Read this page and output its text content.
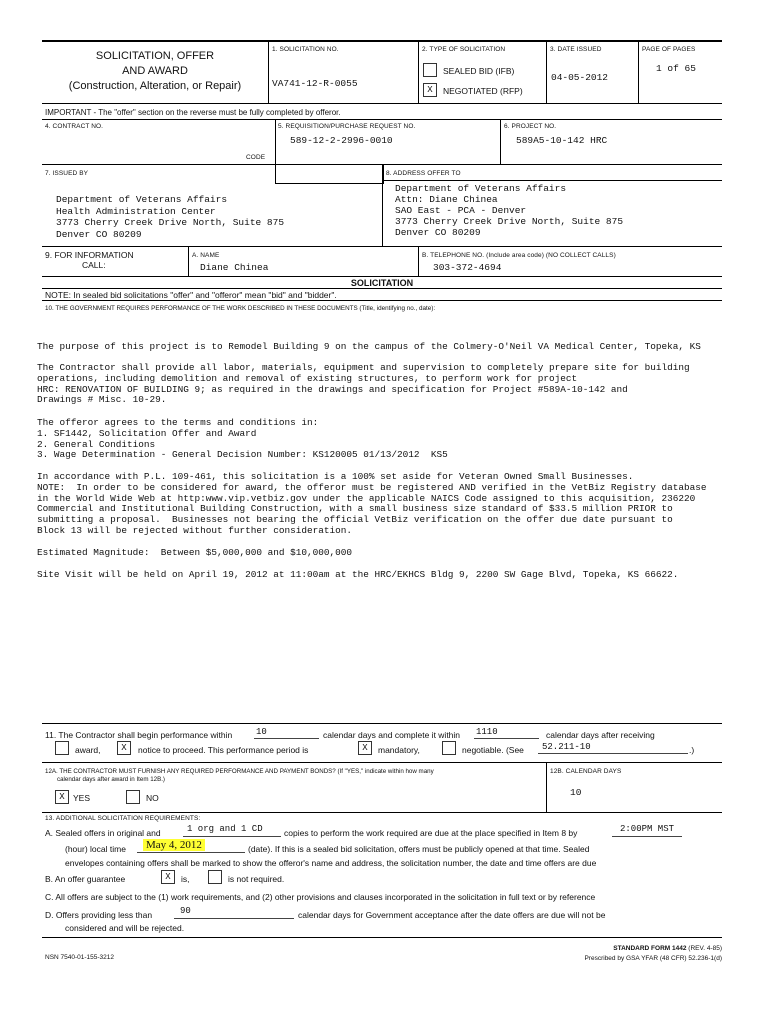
SOLICITATION, OFFER
AND AWARD
(Construction, Alteration, or Repair)
1. SOLICITATION NO.
VA741-12-R-0055
2. TYPE OF SOLICITATION
SEALED BID (IFB)
X	NEGOTIATED (RFP)
3. DATE ISSUED
04-05-2012
PAGE OF PAGES
1 of 65
IMPORTANT - The "offer" section on the reverse must be fully completed by offeror.
4. CONTRACT NO.	5. REQUISITION/PURCHASE REQUEST NO.
589-12-2-2996-0010
6. PROJECT NO.
589A5-10-142 HRC
CODE
7. ISSUED BY
Department of Veterans Affairs
Health Administration Center
3773 Cherry Creek Drive North, Suite 875
Denver CO 80209
8. ADDRESS OFFER TO
Department of Veterans Affairs
Attn: Diane Chinea
SAO East - PCA - Denver
3773 Cherry Creek Drive North, Suite 875
Denver CO 80209
9. FOR INFORMATION
CALL:
A. NAME
Diane Chinea
B. TELEPHONE NO. (Include area code) (NO COLLECT CALLS)
303-372-4694
SOLICITATION
NOTE: In sealed bid solicitations "offer" and "offeror" mean "bid" and "bidder".
10. THE GOVERNMENT REQUIRES PERFORMANCE OF THE WORK DESCRIBED IN THESE DOCUMENTS (Title, identifying no., date):
The purpose of this project is to Remodel Building 9 on the campus of the Colmery-O'Neil VA Medical Center, Topeka, KS
The Contractor shall provide all labor, materials, equipment and supervision to completely prepare site for building
operations, including demolition and removal of existing structures, to perform work for project
HRC: RENOVATION OF BUILDING 9; as required in the drawings and specification for Project #589A-10-142 and
Drawings # Misc. 10-29.
The offeror agrees to the terms and conditions in:
1. SF1442, Solicitation Offer and Award
2. General Conditions
3. Wage Determination - General Decision Number: KS120005 01/13/2012  KS5
In accordance with P.L. 109-461, this solicitation is a 100% set aside for Veteran Owned Small Businesses.
NOTE:  In order to be considered for award, the offeror must be registered AND verified in the VetBiz Registry database
in the World Wide Web at http:www.vip.vetbiz.gov under the applicable NAICS Code assigned to this acquisition, 236220
Commercial and Institutional Building Construction, with a small business size standard of $33.5 million PRIOR to
submitting a proposal.  Businesses not bearing the official VetBiz verification on the offer due date pursuant to
Block 13 will be rejected without further consideration.
Estimated Magnitude:  Between $5,000,000 and $10,000,000
Site Visit will be held on April 19, 2012 at 11:00am at the HRC/EKHCS Bldg 9, 2200 SW Gage Blvd, Topeka, KS 66622.
11. The Contractor shall begin performance within	10	calendar days and complete it within 1110	calendar days after receiving
award,	X	notice to proceed. This performance period is	X	mandatory,	negotiable. (See 52.211-10	.)
12A. THE CONTRACTOR MUST FURNISH ANY REQUIRED PERFORMANCE AND PAYMENT BONDS? (If "YES," indicate within how many
calendar days after award in Item 12B.)
X YES	NO
12B. CALENDAR DAYS
10
13. ADDITIONAL SOLICITATION REQUIREMENTS:
A. Sealed offers in original and	1 org and 1 CD	copies to perform the work required are due at the place specified in Item 8 by	2:00PM MST
(hour) local time May 4, 2012	(date). If this is a sealed bid solicitation, offers must be publicly opened at that time. Sealed
envelopes containing offers shall be marked to show the offeror's name and address, the solicitation number, the date and time offers are due
B. An offer guarantee	X	is,	is not required.
C. All offers are subject to the (1) work requirements, and (2) other provisions and clauses incorporated in the solicitation in full text or by reference
D. Offers providing less than	90	calendar days for Government acceptance after the date offers are due will not be
considered and will be rejected.
NSN 7540-01-155-3212
STANDARD FORM 1442 (REV. 4-85)
Prescribed by GSA YFAR (48 CFR) 52.236-1(d)
